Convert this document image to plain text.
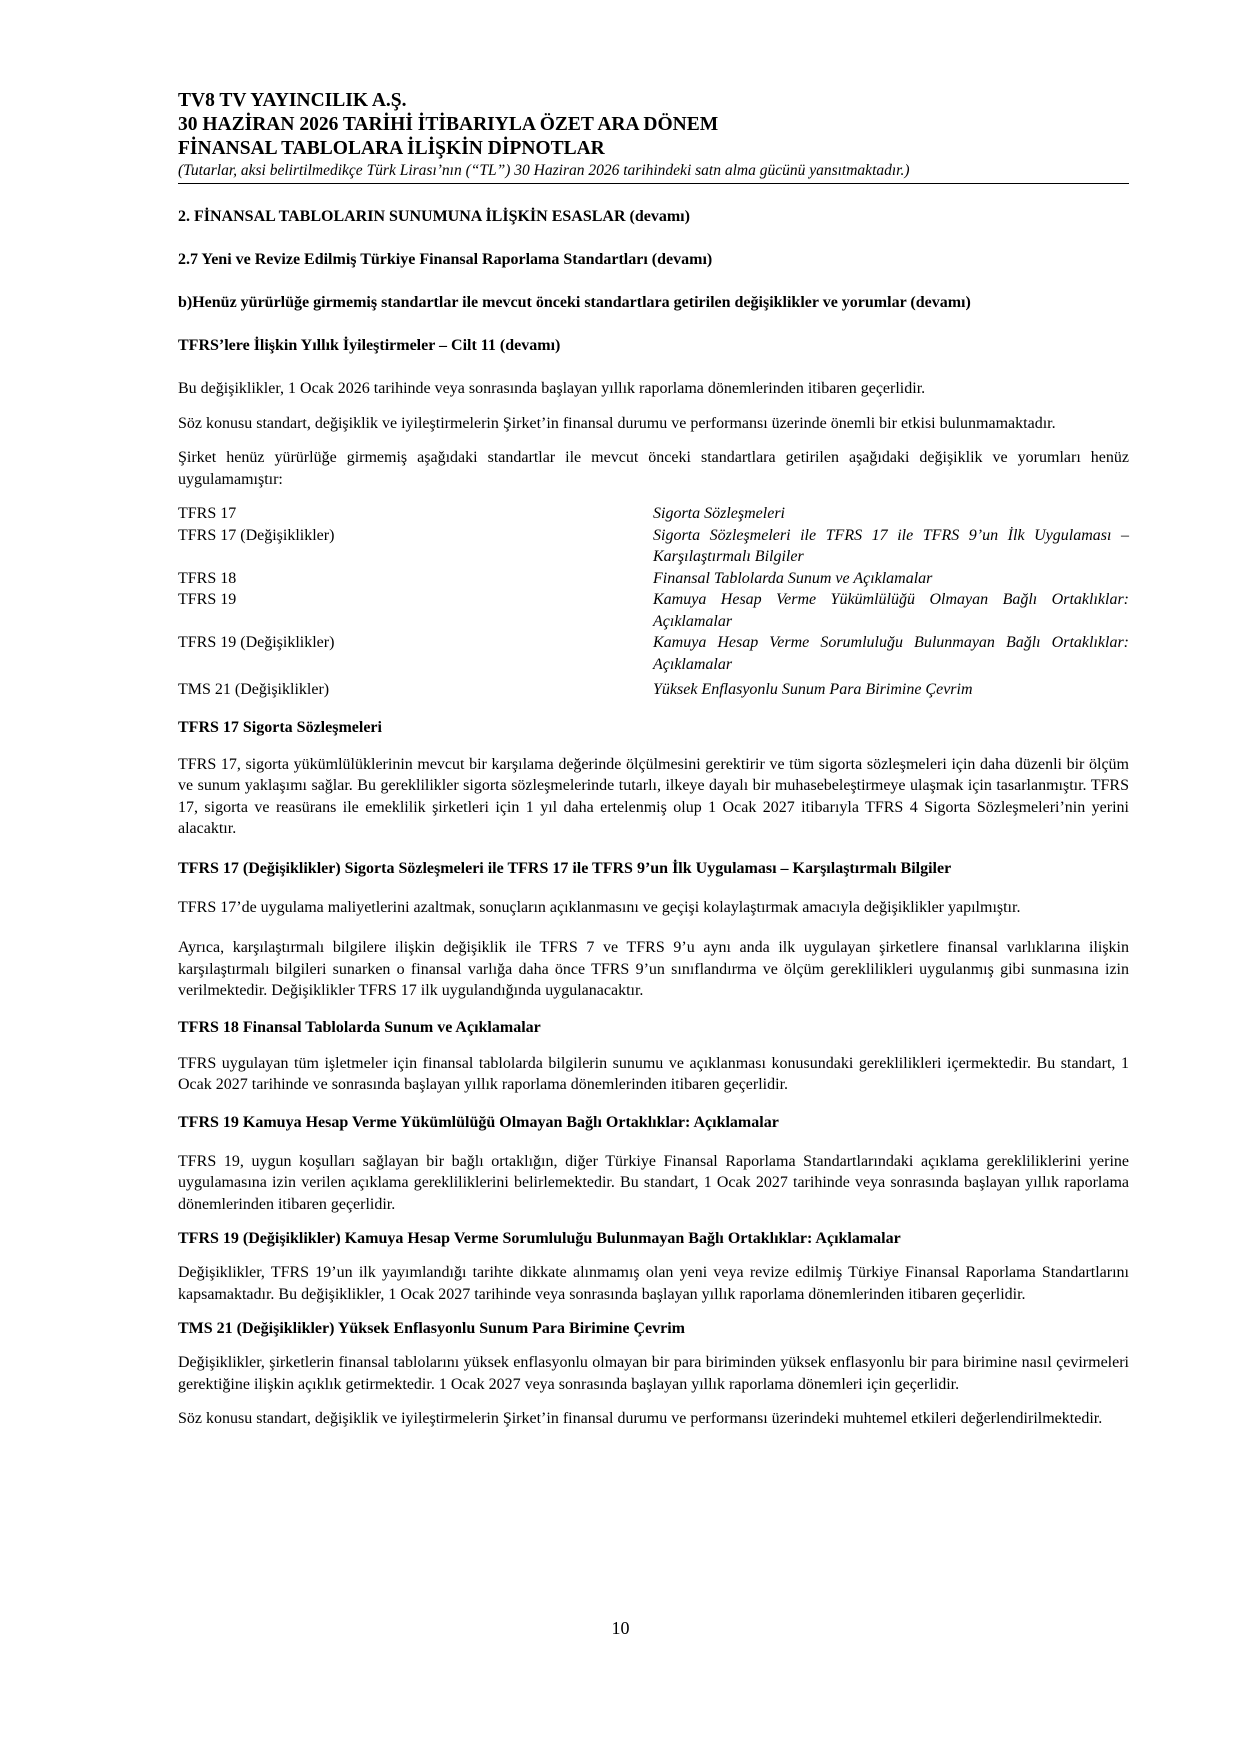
TV8 TV YAYINCILIK A.Ş.
30 HAZİRAN 2026 TARİHİ İTİBARIYLA ÖZET ARA DÖNEM
FİNANSAL TABLOLARA İLİŞKİN DİPNOTLAR
(Tutarlar, aksi belirtilmedikçe Türk Lirası’nın (“TL”) 30 Haziran 2026 tarihindeki satn alma gücünü yansıtmaktadır.)
2. FİNANSAL TABLOLARIN SUNUMUNA İLİŞKİN ESASLAR (devamı)
2.7 Yeni ve Revize Edilmiş Türkiye Finansal Raporlama Standartları (devamı)
b)Henüz yürürlüğe girmemiş standartlar ile mevcut önceki standartlara getirilen değişiklikler ve yorumlar (devamı)
TFRS’lere İlişkin Yıllık İyileştirmeler – Cilt 11 (devamı)

Bu değişiklikler, 1 Ocak 2026 tarihinde veya sonrasında başlayan yıllık raporlama dönemlerinden itibaren geçerlidir.

Söz konusu standart, değişiklik ve iyileştirmelerin Şirket’in finansal durumu ve performansı üzerinde önemli bir etkisi bulunmamaktadır.

Şirket henüz yürürlüğe girmemiş aşağıdaki standartlar ile mevcut önceki standartlara getirilen aşağıdaki değişiklik ve yorumları henüz uygulamamıştır:

TFRS 17	Sigorta Sözleşmeleri
TFRS 17 (Değişiklikler)	Sigorta Sözleşmeleri ile TFRS 17 ile TFRS 9’un İlk Uygulaması – Karşılaştırmalı Bilgiler
TFRS 18	Finansal Tablolarda Sunum ve Açıklamalar
TFRS 19	Kamuya Hesap Verme Yükümlülüğü Olmayan Bağlı Ortaklıklar: Açıklamalar
TFRS 19 (Değişiklikler)	Kamuya Hesap Verme Sorumluluğu Bulunmayan Bağlı Ortaklıklar: Açıklamalar
TMS 21 (Değişiklikler)	Yüksek Enflasyonlu Sunum Para Birimine Çevrim
TFRS 17 Sigorta Sözleşmeleri

TFRS 17, sigorta yükümlülüklerinin mevcut bir karşılama değerinde ölçülmesini gerektirir ve tüm sigorta sözleşmeleri için daha düzenli bir ölçüm ve sunum yaklaşımı sağlar. Bu gereklilikler sigorta sözleşmelerinde tutarlı, ilkeye dayalı bir muhasebeleştirmeye ulaşmak için tasarlanmıştır. TFRS 17, sigorta ve reasürans ile emeklilik şirketleri için 1 yıl daha ertelenmiş olup 1 Ocak 2027 itibarıyla TFRS 4 Sigorta Sözleşmeleri’nin yerini alacaktır.

TFRS 17 (Değişiklikler) Sigorta Sözleşmeleri ile TFRS 17 ile TFRS 9’un İlk Uygulaması – Karşılaştırmalı Bilgiler

TFRS 17’de uygulama maliyetlerini azaltmak, sonuçların açıklanmasını ve geçişi kolaylaştırmak amacıyla değişiklikler yapılmıştır.

Ayrıca, karşılaştırmalı bilgilere ilişkin değişiklik ile TFRS 7 ve TFRS 9’u aynı anda ilk uygulayan şirketlere finansal varlıklarına ilişkin karşılaştırmalı bilgileri sunarken o finansal varlığa daha önce TFRS 9’un sınıflandırma ve ölçüm gereklilikleri uygulanmış gibi sunmasına izin verilmektedir. Değişiklikler TFRS 17 ilk uygulandığında uygulanacaktır.

TFRS 18 Finansal Tablolarda Sunum ve Açıklamalar

TFRS uygulayan tüm işletmeler için finansal tablolarda bilgilerin sunumu ve açıklanması konusundaki gereklilikleri içermektedir. Bu standart, 1 Ocak 2027 tarihinde ve sonrasında başlayan yıllık raporlama dönemlerinden itibaren geçerlidir.

TFRS 19 Kamuya Hesap Verme Yükümlülüğü Olmayan Bağlı Ortaklıklar: Açıklamalar

TFRS 19, uygun koşulları sağlayan bir bağlı ortaklığın, diğer Türkiye Finansal Raporlama Standartlarındaki açıklama gerekliliklerini yerine uygulamasına izin verilen açıklama gerekliliklerini belirlemektedir. Bu standart, 1 Ocak 2027 tarihinde veya sonrasında başlayan yıllık raporlama dönemlerinden itibaren geçerlidir.

TFRS 19 (Değişiklikler) Kamuya Hesap Verme Sorumluluğu Bulunmayan Bağlı Ortaklıklar: Açıklamalar

Değişiklikler, TFRS 19’un ilk yayımlandığı tarihte dikkate alınmamış olan yeni veya revize edilmiş Türkiye Finansal Raporlama Standartlarını kapsamaktadır. Bu değişiklikler, 1 Ocak 2027 tarihinde veya sonrasında başlayan yıllık raporlama dönemlerinden itibaren geçerlidir.

TMS 21 (Değişiklikler) Yüksek Enflasyonlu Sunum Para Birimine Çevrim

Değişiklikler, şirketlerin finansal tablolarını yüksek enflasyonlu olmayan bir para biriminden yüksek enflasyonlu bir para birimine nasıl çevirmeleri gerektiğine ilişkin açıklık getirmektedir. 1 Ocak 2027 veya sonrasında başlayan yıllık raporlama dönemleri için geçerlidir.

Söz konusu standart, değişiklik ve iyileştirmelerin Şirket’in finansal durumu ve performansı üzerindeki muhtemel etkileri değerlendirilmektedir.

10
